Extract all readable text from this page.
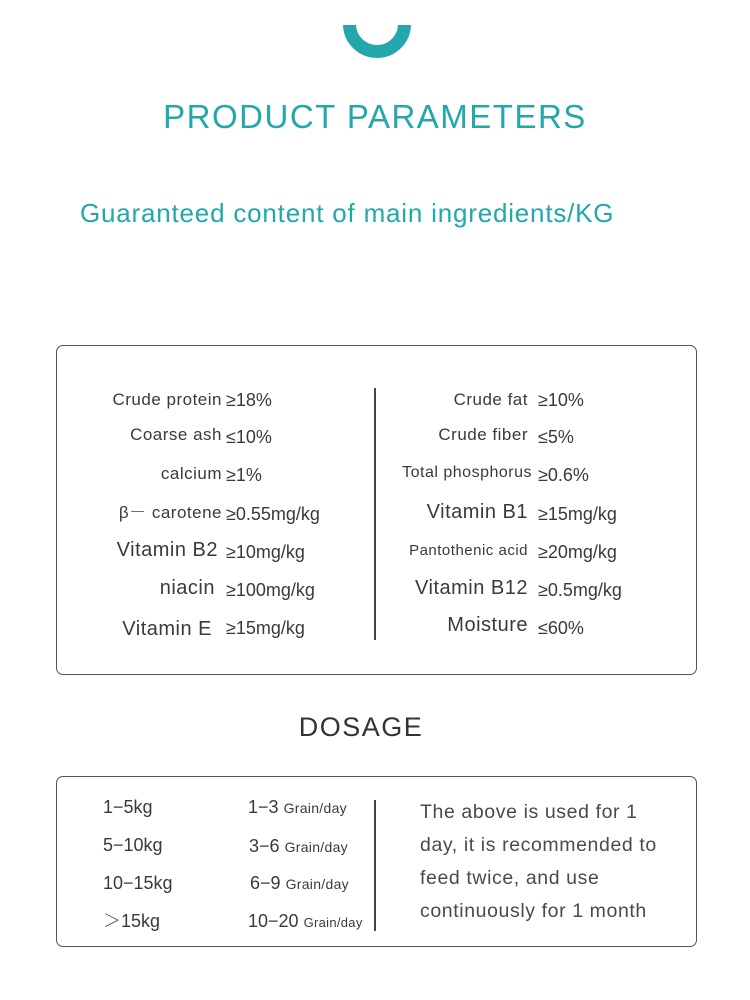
PRODUCT PARAMETERS
Guaranteed content of main ingredients/KG
Crude protein
Coarse ash
calcium
β－ carotene
Vitamin B2
niacin
Vitamin E
≥18%
≤10%
≥1%
≥0.55mg/kg
≥10mg/kg
≥100mg/kg
≥15mg/kg
Crude fat
Crude fiber
Total phosphorus
Vitamin B1
Pantothenic acid
Vitamin B12
Moisture
≥10%
≤5%
≥0.6%
≥15mg/kg
≥20mg/kg
≥0.5mg/kg
≤60%
DOSAGE
1−5kg
5−10kg
10−15kg
＞15kg
1−3 Grain/day
3−6 Grain/day
6−9 Grain/day
10−20 Grain/day
The above is used for 1 day, it is recommended to feed twice, and use continuously for 1 month
